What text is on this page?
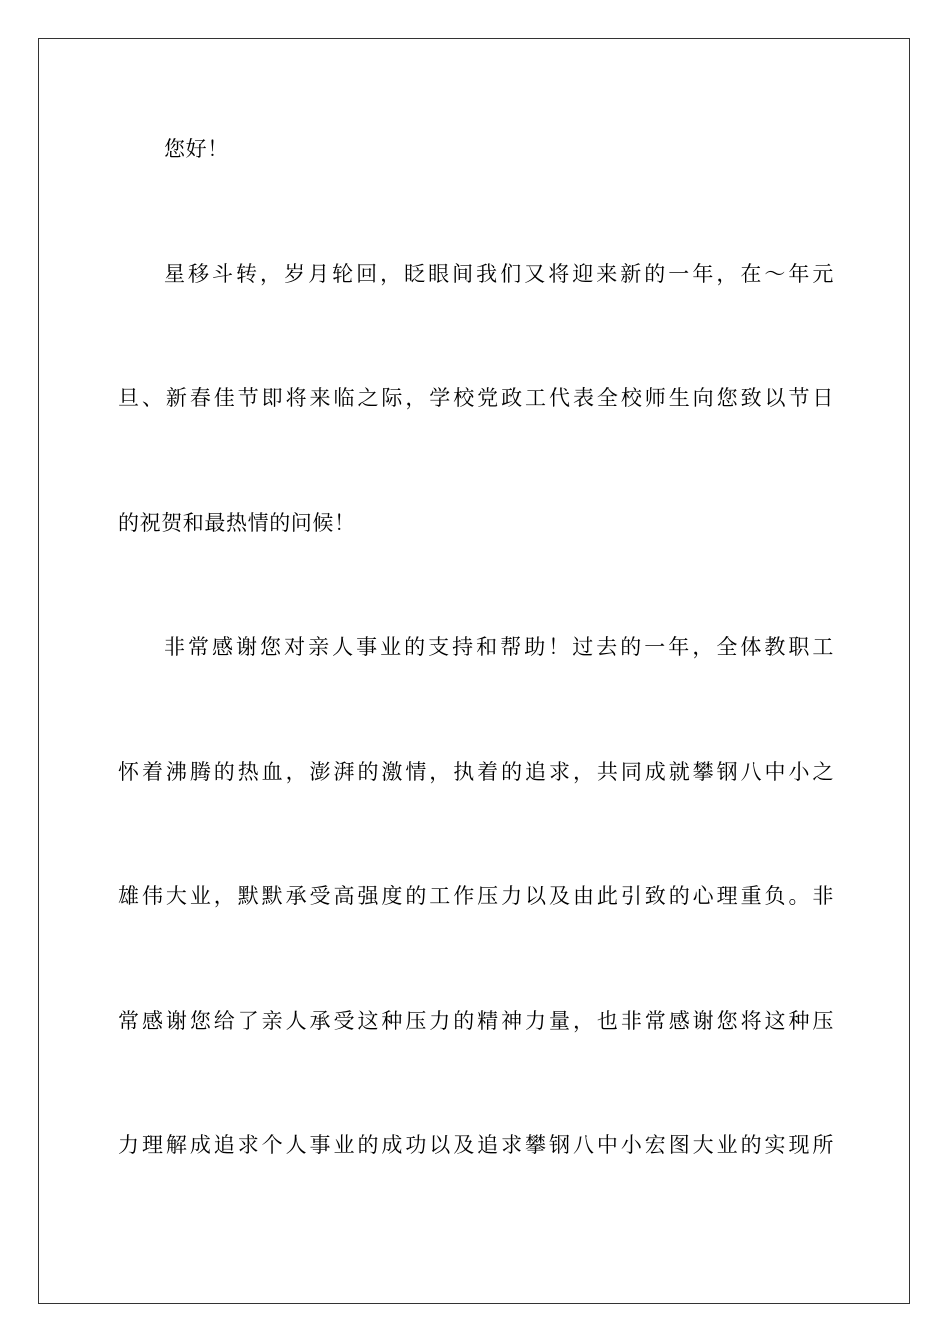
您好！
星移斗转，岁月轮回，眨眼间我们又将迎来新的一年，在～年元
旦、新春佳节即将来临之际，学校党政工代表全校师生向您致以节日
的祝贺和最热情的问候！
非常感谢您对亲人事业的支持和帮助！过去的一年，全体教职工
怀着沸腾的热血，澎湃的激情，执着的追求，共同成就攀钢八中小之
雄伟大业，默默承受高强度的工作压力以及由此引致的心理重负。非
常感谢您给了亲人承受这种压力的精神力量，也非常感谢您将这种压
力理解成追求个人事业的成功以及追求攀钢八中小宏图大业的实现所
